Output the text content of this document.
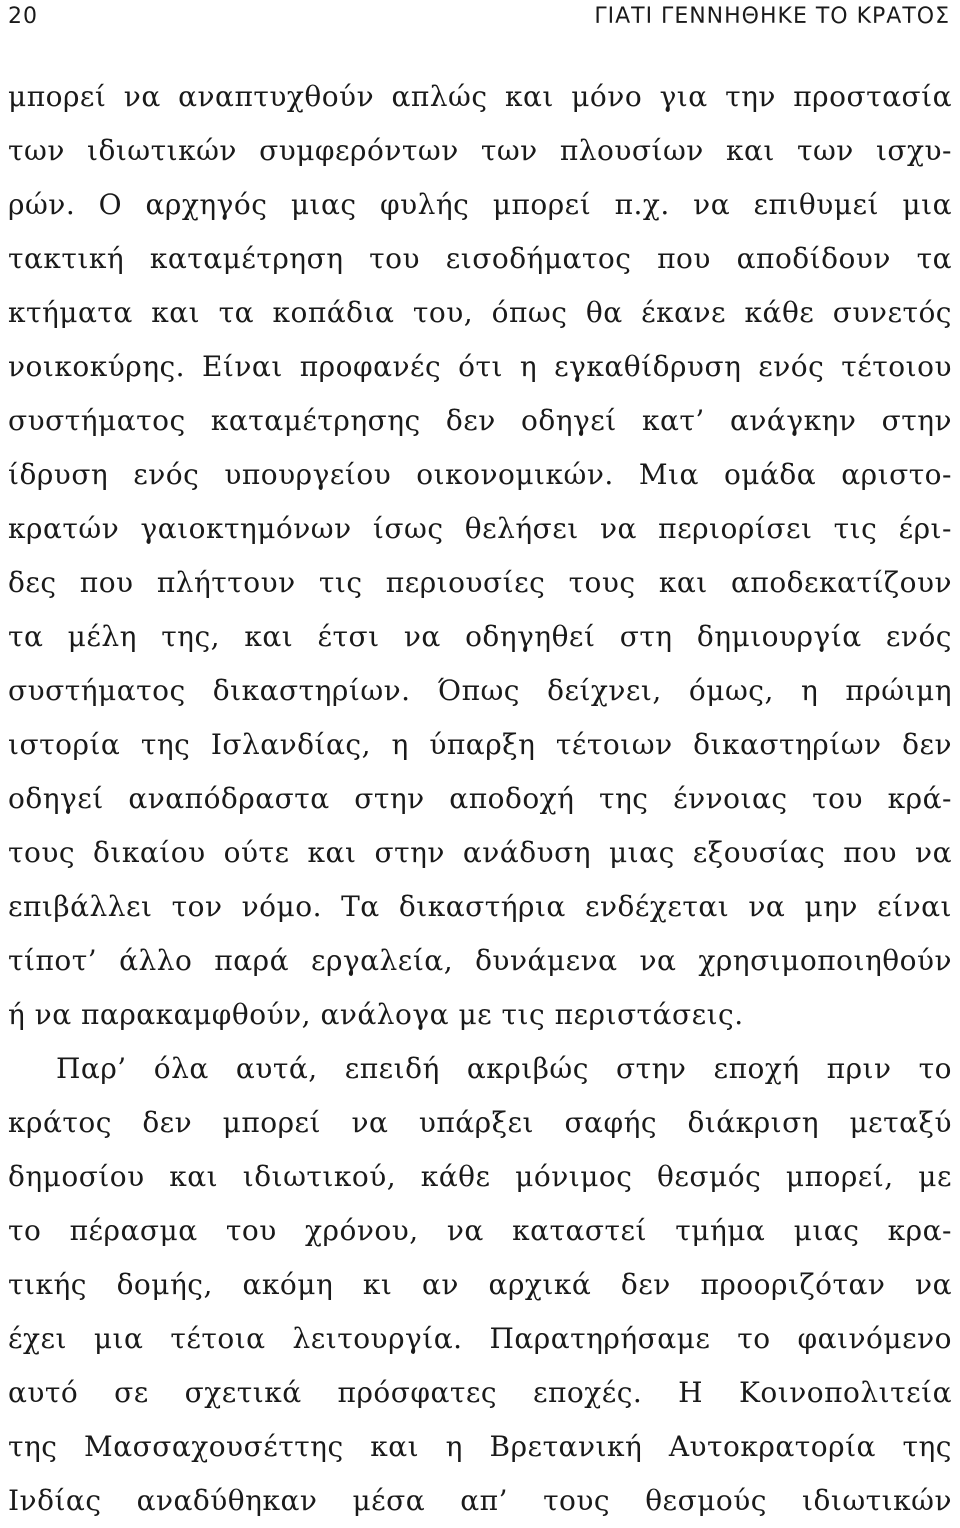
20	ΓΙΑΤΙ ΓΕΝΝΗΘΗΚΕ ΤΟ ΚΡΑΤΟΣ
μπορεί να αναπτυχθούν απλώς και μόνο για την προστασία
των ιδιωτικών συμφερόντων των πλουσίων και των ισχυ-
ρών. Ο αρχηγός μιας φυλής μπορεί π.χ. να επιθυμεί μια
τακτική καταμέτρηση του εισοδήματος που αποδίδουν τα
κτήματα και τα κοπάδια του, όπως θα έκανε κάθε συνετός
νοικοκύρης. Είναι προφανές ότι η εγκαθίδρυση ενός τέτοιου
συστήματος καταμέτρησης δεν οδηγεί κατ’ ανάγκην στην
ίδρυση ενός υπουργείου οικονομικών. Μια ομάδα αριστο-
κρατών γαιοκτημόνων ίσως θελήσει να περιορίσει τις έρι-
δες που πλήττουν τις περιουσίες τους και αποδεκατίζουν
τα μέλη της, και έτσι να οδηγηθεί στη δημιουργία ενός
συστήματος δικαστηρίων. Όπως δείχνει, όμως, η πρώιμη
ιστορία της Ισλανδίας, η ύπαρξη τέτοιων δικαστηρίων δεν
οδηγεί αναπόδραστα στην αποδοχή της έννοιας του κρά-
τους δικαίου ούτε και στην ανάδυση μιας εξουσίας που να
επιβάλλει τον νόμο. Τα δικαστήρια ενδέχεται να μην είναι
τίποτ’ άλλο παρά εργαλεία, δυνάμενα να χρησιμοποιηθούν
ή να παρακαμφθούν, ανάλογα με τις περιστάσεις.
Παρ’ όλα αυτά, επειδή ακριβώς στην εποχή πριν το
κράτος δεν μπορεί να υπάρξει σαφής διάκριση μεταξύ
δημοσίου και ιδιωτικού, κάθε μόνιμος θεσμός μπορεί, με
το πέρασμα του χρόνου, να καταστεί τμήμα μιας κρα-
τικής δομής, ακόμη κι αν αρχικά δεν προοριζόταν να
έχει μια τέτοια λειτουργία. Παρατηρήσαμε το φαινόμενο
αυτό σε σχετικά πρόσφατες εποχές. Η Κοινοπολιτεία
της Μασσαχουσέττης και η Βρετανική Αυτοκρατορία της
Ινδίας αναδύθηκαν μέσα απ’ τους θεσμούς ιδιωτικών
